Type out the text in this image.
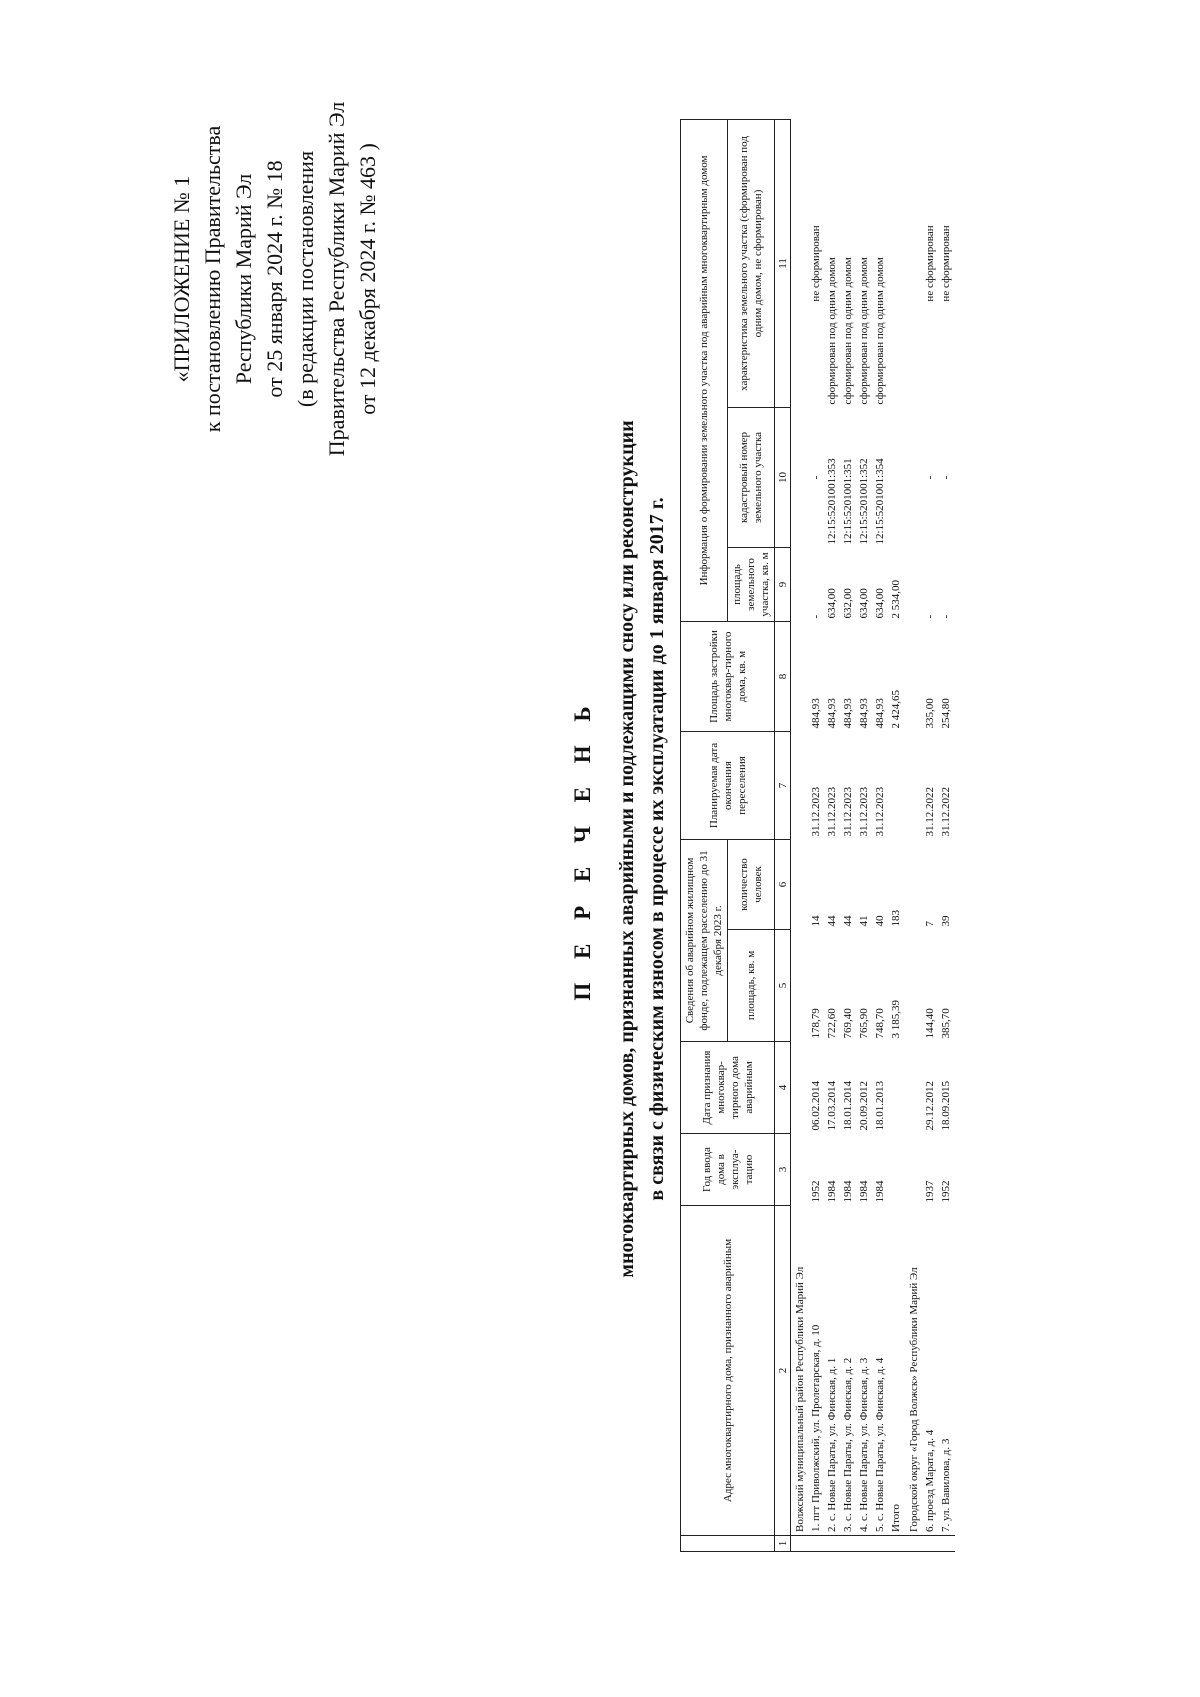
«ПРИЛОЖЕНИЕ № 1 к постановлению Правительства Республики Марий Эл от 25 января 2024 г. № 18 (в редакции постановления Правительства Республики Марий Эл от 12 декабря 2024 г. № 463 )
П Е Р Е Ч Е Н Ь многоквартирных домов, признанных аварийными и подлежащими сносу или реконструкции в связи с физическим износом в процессе их эксплуатации до 1 января 2017 г.
	Адрес многоквартирного дома, признанного аварийным	Год ввода дома в эксплуа-тацию	Дата признания многоквар-тирного дома аварийным	Сведения об аварийном жилищном фонде, подлежащем расселению до 31 декабря 2023 г.		Планируемая дата окончания переселения	Площадь застройки многоквар-тирного дома, кв. м	Информация о формировании земельного участка под аварийным многоквартирным домом		
				площадь, кв. м	количество человек			площадь земельного участка, кв. м	кадастровый номер земельного участка	характеристика земельного участка (сформирован под одним домом, не сформирован)
1	2	3	4	5	6	7	8	9	10	11
	Волжский муниципальный район Республики Марий Эл									
	1. пгт Приволжский, ул. Пролетарская, д. 10	1952	06.02.2014	178,79	14	31.12.2023	484,93	-	-	не сформирован
	2. с. Новые Параты, ул. Финская, д. 1	1984	17.03.2014	722,60	44	31.12.2023	484,93	634,00	12:15:5201001:353	сформирован под одним домом
	3. с. Новые Параты, ул. Финская, д. 2	1984	18.01.2014	769,40	44	31.12.2023	484,93	632,00	12:15:5201001:351	сформирован под одним домом
	4. с. Новые Параты, ул. Финская, д. 3	1984	20.09.2012	765,90	41	31.12.2023	484,93	634,00	12:15:5201001:352	сформирован под одним домом
	5. с. Новые Параты, ул. Финская, д. 4	1984	18.01.2013	748,70	40	31.12.2023	484,93	634,00	12:15:5201001:354	сформирован под одним домом
	Итого			3 185,39	183		2 424,65	2 534,00		
	Городской округ «Город Волжск» Республики Марий Эл									
	6. проезд Марата, д. 4	1937	29.12.2012	144,40	7	31.12.2022	335,00	-	-	не сформирован
	7. ул. Вавилова, д. 3	1952	18.09.2015	385,70	39	31.12.2022	254,80	-	-	не сформирован
